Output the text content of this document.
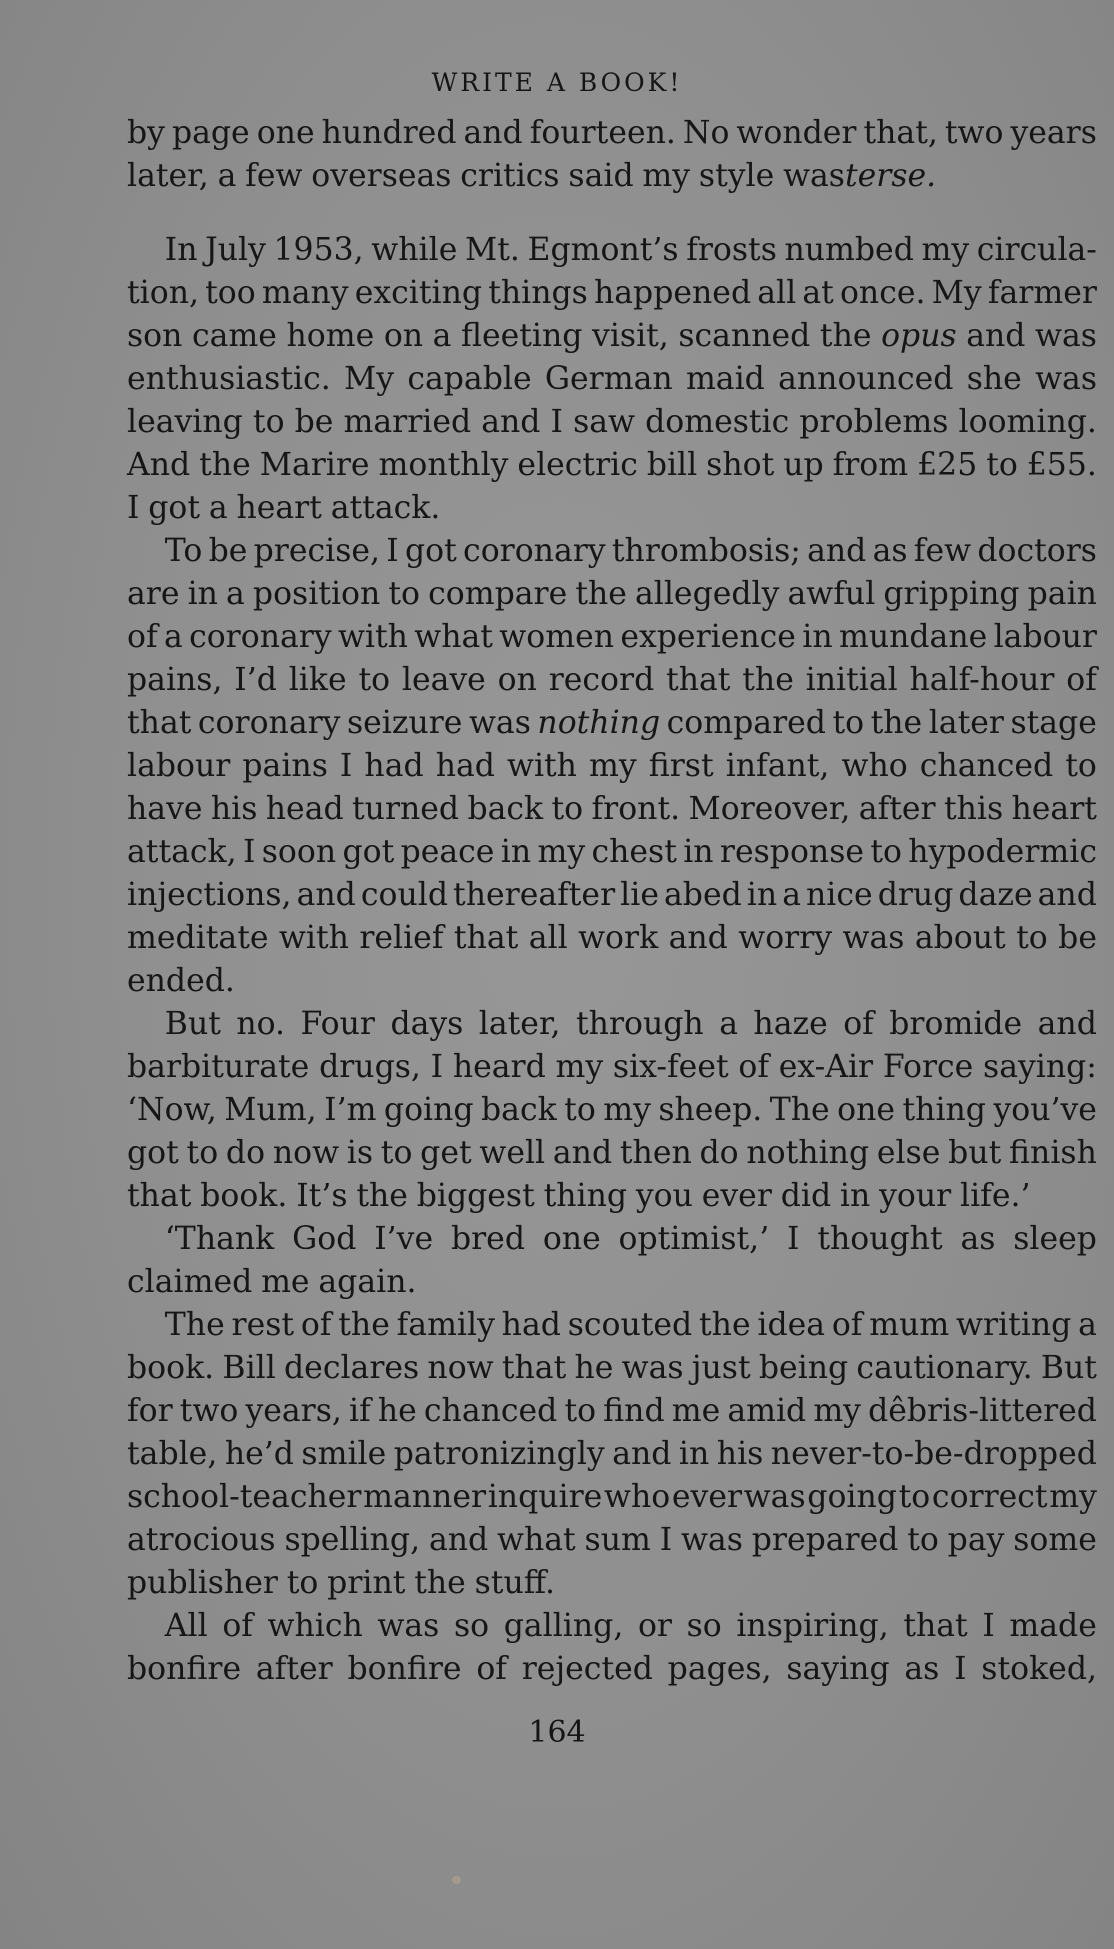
WRITE A BOOK!
by page one hundred and fourteen. No wonder that, two years
later, a few overseas critics said my style was terse.
In July 1953, while Mt. Egmont’s frosts numbed my circula-
tion, too many exciting things happened all at once. My farmer
son came home on a fleeting visit, scanned the opus and was
enthusiastic. My capable German maid announced she was
leaving to be married and I saw domestic problems looming.
And the Marire monthly electric bill shot up from £25 to £55.
I got a heart attack.
To be precise, I got coronary thrombosis; and as few doctors
are in a position to compare the allegedly awful gripping pain
of a coronary with what women experience in mundane labour
pains, I’d like to leave on record that the initial half-hour of
that coronary seizure was nothing compared to the later stage
labour pains I had had with my first infant, who chanced to
have his head turned back to front. Moreover, after this heart
attack, I soon got peace in my chest in response to hypodermic
injections, and could thereafter lie abed in a nice drug daze and
meditate with relief that all work and worry was about to be
ended.
But no. Four days later, through a haze of bromide and
barbiturate drugs, I heard my six-feet of ex-Air Force saying:
‘Now, Mum, I’m going back to my sheep. The one thing you’ve
got to do now is to get well and then do nothing else but finish
that book. It’s the biggest thing you ever did in your life.’
‘Thank God I’ve bred one optimist,’ I thought as sleep
claimed me again.
The rest of the family had scouted the idea of mum writing a
book. Bill declares now that he was just being cautionary. But
for two years, if he chanced to find me amid my dêbris-littered
table, he’d smile patronizingly and in his never-to-be-dropped
school-teacher manner inquire who ever was going to correct my
atrocious spelling, and what sum I was prepared to pay some
publisher to print the stuff.
All of which was so galling, or so inspiring, that I made
bonfire after bonfire of rejected pages, saying as I stoked,
164
